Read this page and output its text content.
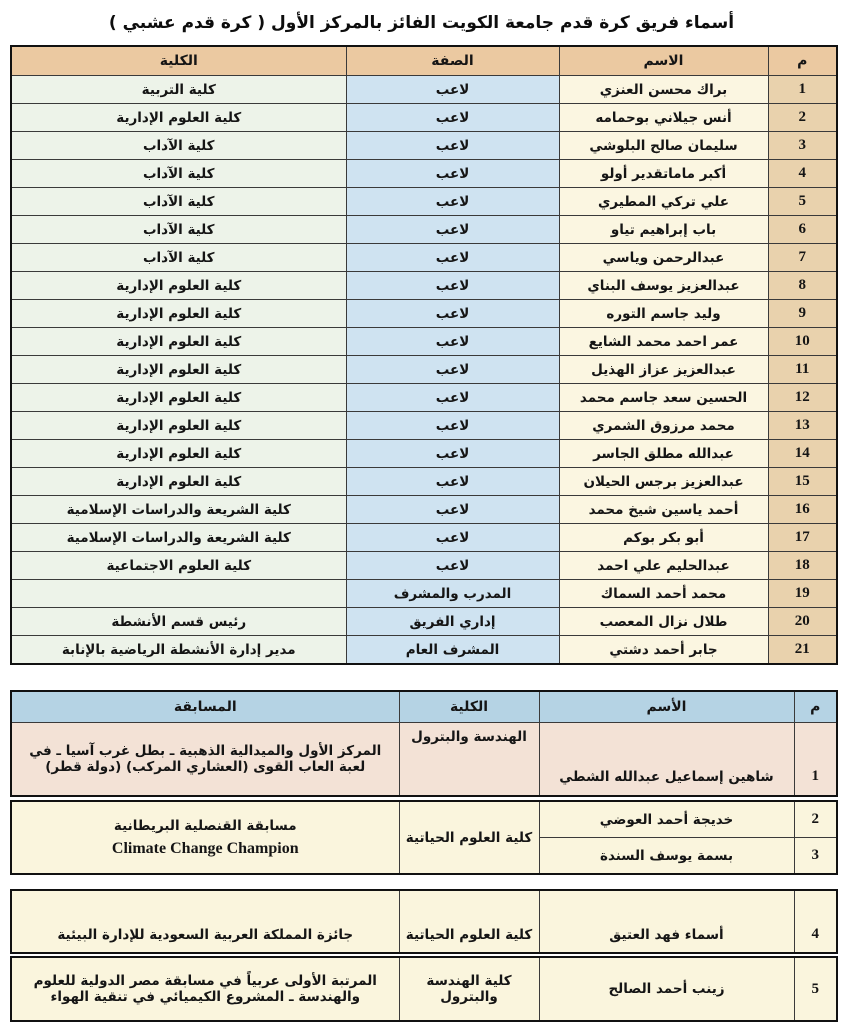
أسماء فريق كرة قدم جامعة الكويت الفائز بالمركز الأول ( كرة قدم عشبي )
م	الاسم	الصفة	الكلية
1	براك محسن العنزي	لاعب	كلية التربية
2	أنس جيلاني بوحمامه	لاعب	كلية العلوم الإدارية
3	سليمان صالح البلوشي	لاعب	كلية الآداب
4	أكبر ماماتقدير أولو	لاعب	كلية الآداب
5	علي تركي المطيري	لاعب	كلية الآداب
6	باب إبراهيم تياو	لاعب	كلية الآداب
7	عبدالرحمن وياسي	لاعب	كلية الآداب
8	عبدالعزيز يوسف البناي	لاعب	كلية العلوم الإدارية
9	وليد جاسم التوره	لاعب	كلية العلوم الإدارية
10	عمر احمد محمد الشايع	لاعب	كلية العلوم الإدارية
11	عبدالعزيز عزاز الهذيل	لاعب	كلية العلوم الإدارية
12	الحسين سعد جاسم محمد	لاعب	كلية العلوم الإدارية
13	محمد مرزوق الشمري	لاعب	كلية العلوم الإدارية
14	عبدالله مطلق الجاسر	لاعب	كلية العلوم الإدارية
15	عبدالعزيز برجس الحيلان	لاعب	كلية العلوم الإدارية
16	أحمد ياسين شيخ محمد	لاعب	كلية الشريعة والدراسات الإسلامية
17	أبو بكر بوكم	لاعب	كلية الشريعة والدراسات الإسلامية
18	عبدالحليم علي احمد	لاعب	كلية العلوم الاجتماعية
19	محمد أحمد السماك	المدرب والمشرف	
20	طلال نزال المعصب	إداري الفريق	رئيس قسم الأنشطة
21	جابر أحمد دشتي	المشرف العام	مدير إدارة الأنشطة الرياضية بالإنابة
م	الأسم	الكلية	المسابقة
1	شاهين إسماعيل عبدالله الشطي	الهندسة والبترول	المركز الأول والميدالية الذهبية ـ بطل غرب آسيا ـ في لعبة العاب القوى (العشاري المركب) (دولة قطر)
2	خديجة أحمد العوضي	كلية العلوم الحياتية	مسابقة القنصلية البريطانية
Climate Change Champion

3	بسمة يوسف السندة		
4	أسماء فهد العتيق	كلية العلوم الحياتية	جائزة المملكة العربية السعودية للإدارة البيئية
5	زينب أحمد الصالح	كلية الهندسة والبترول	المرتبة الأولى عربياً في مسابقة مصر الدولية للعلوم والهندسة ـ المشروع الكيميائي في تنقية الهواء
